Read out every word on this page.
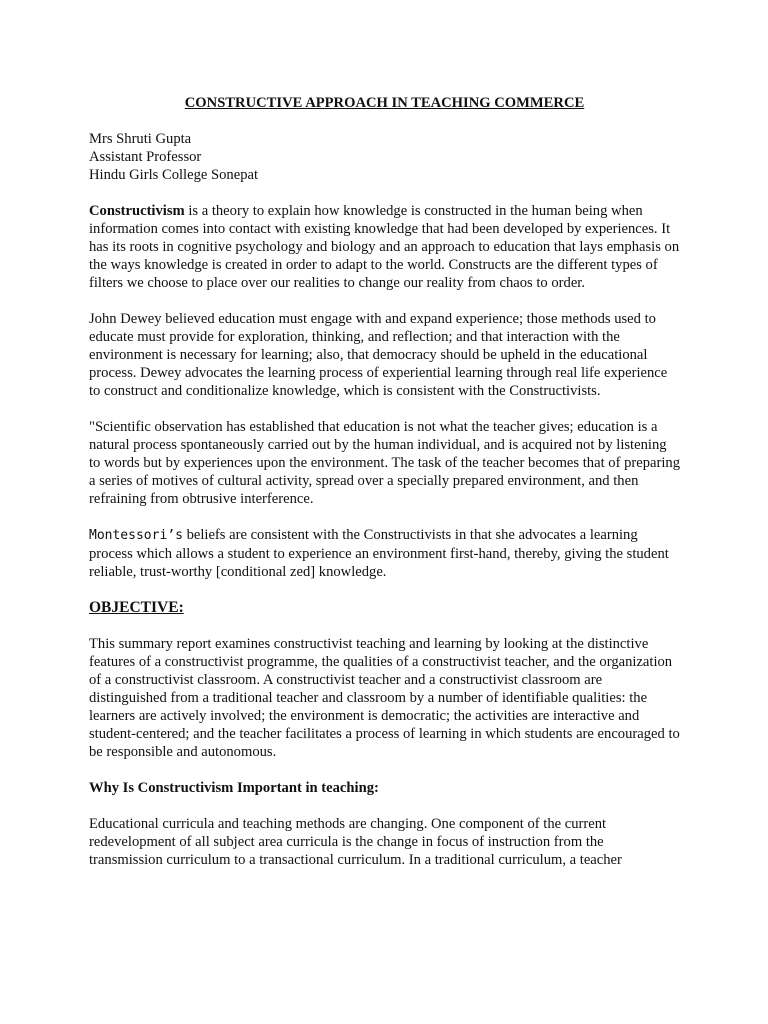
CONSTRUCTIVE APPROACH IN TEACHING COMMERCE

Mrs Shruti Gupta

Assistant Professor

Hindu Girls College Sonepat

Constructivism is a theory to explain how knowledge is constructed in the human being when information comes into contact with existing knowledge that had been developed by experiences. It has its roots in cognitive psychology and biology and an approach to education that lays emphasis on the ways knowledge is created in order to adapt to the world. Constructs are the different types of filters we choose to place over our realities to change our reality from chaos to order.

John Dewey believed education must engage with and expand experience; those methods used to educate must provide for exploration, thinking, and reflection; and that interaction with the environment is necessary for learning; also, that democracy should be upheld in the educational process. Dewey advocates the learning process of experiential learning through real life experience to construct and conditionalize knowledge, which is consistent with the Constructivists.

"Scientific observation has established that education is not what the teacher gives; education is a natural process spontaneously carried out by the human individual, and is acquired not by listening to words but by experiences upon the environment. The task of the teacher becomes that of preparing a series of motives of cultural activity, spread over a specially prepared environment, and then refraining from obtrusive interference.

Montessori’s beliefs are consistent with the Constructivists in that she advocates a learning process which allows a student to experience an environment first-hand, thereby, giving the student reliable, trust-worthy [conditional zed] knowledge.

OBJECTIVE:

This summary report examines constructivist teaching and learning by looking at the distinctive features of a constructivist programme, the qualities of a constructivist teacher, and the organization of a constructivist classroom. A constructivist teacher and a constructivist classroom are distinguished from a traditional teacher and classroom by a number of identifiable qualities: the learners are actively involved; the environment is democratic; the activities are interactive and student-centered; and the teacher facilitates a process of learning in which students are encouraged to be responsible and autonomous.

Why Is Constructivism Important in teaching:

Educational curricula and teaching methods are changing. One component of the current redevelopment of all subject area curricula is the change in focus of instruction from the transmission curriculum to a transactional curriculum. In a traditional curriculum, a teacher
